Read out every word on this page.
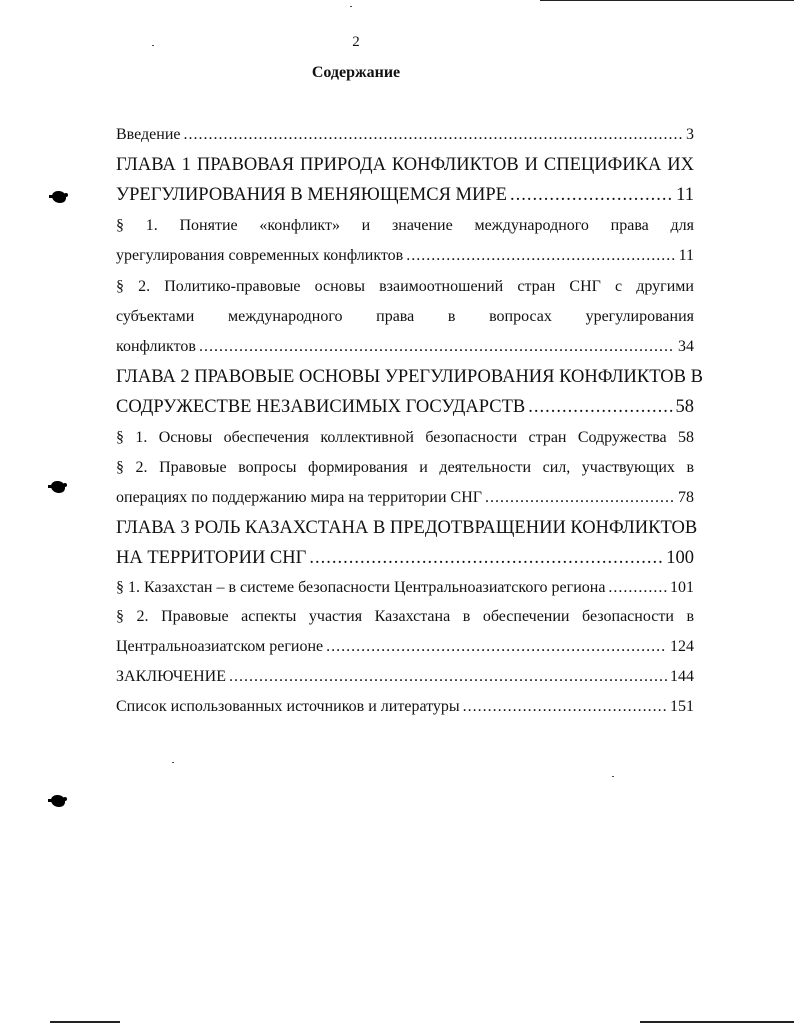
2
Содержание
Введение .....	3
ГЛАВА 1 ПРАВОВАЯ ПРИРОДА КОНФЛИКТОВ И СПЕЦИФИКА ИХ
УРЕГУЛИРОВАНИЯ В МЕНЯЮЩЕМСЯ МИРЕ .....	11
§ 1. Понятие «конфликт» и значение международного права для
урегулирования современных конфликтов .....	11
§ 2. Политико-правовые основы взаимоотношений стран СНГ с другими
субъектами международного права в вопросах урегулирования
конфликтов .....	34
ГЛАВА 2 ПРАВОВЫЕ ОСНОВЫ УРЕГУЛИРОВАНИЯ КОНФЛИКТОВ В
СОДРУЖЕСТВЕ НЕЗАВИСИМЫХ ГОСУДАРСТВ .....	58
§ 1. Основы обеспечения коллективной безопасности стран Содружества 58
§ 2. Правовые вопросы формирования и деятельности сил, участвующих в
операциях по поддержанию мира на территории СНГ .....	78
ГЛАВА 3 РОЛЬ КАЗАХСТАНА В ПРЕДОТВРАЩЕНИИ КОНФЛИКТОВ
НА ТЕРРИТОРИИ СНГ .....	100
§ 1. Казахстан – в системе безопасности Центральноазиатского региона .....	101
§ 2. Правовые аспекты участия Казахстана в обеспечении безопасности в
Центральноазиатском регионе .....	124
ЗАКЛЮЧЕНИЕ .....	144
Список использованных источников и литературы .....	151
